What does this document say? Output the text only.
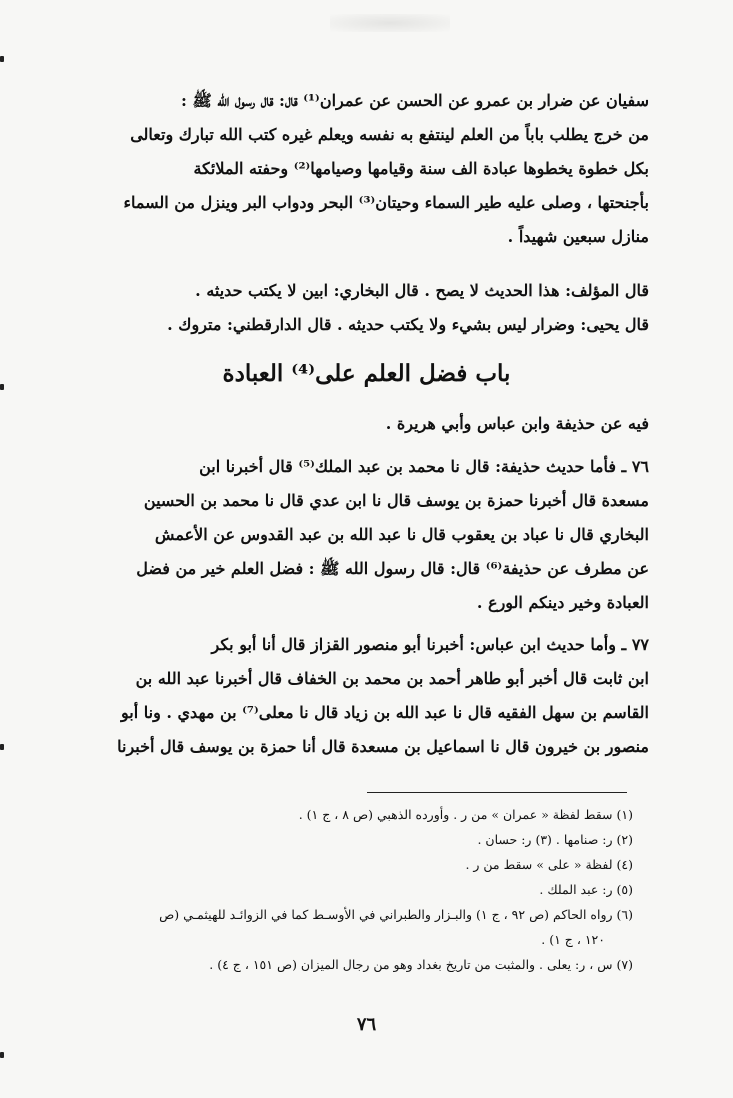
سفيان عن ضرار بن عمرو عن الحسن عن عمران⁽¹⁾ قال: قال رسول الله ﷺ :
من خرج يطلب باباً من العلم لينتفع به نفسه ويعلم غيره كتب الله تبارك وتعالى
بكل خطوة يخطوها عبادة الف سنة وقيامها وصيامها⁽²⁾ وحفته الملائكة
بأجنحتها ، وصلى عليه طير السماء وحيتان⁽³⁾ البحر ودواب البر وينزل من السماء
منازل سبعين شهيداً .
قال المؤلف: هذا الحديث لا يصح . قال البخاري: ابين لا يكتب حديثه .
قال يحيى: وضرار ليس بشيء ولا يكتب حديثه . قال الدارقطني: متروك .
باب فضل العلم على⁽⁴⁾ العبادة
فيه عن حذيفة وابن عباس وأبي هريرة .
٧٦ ـ فأما حديث حذيفة: قال نا محمد بن عبد الملك⁽⁵⁾ قال أخبرنا ابن
مسعدة قال أخبرنا حمزة بن يوسف قال نا ابن عدي قال نا محمد بن الحسين
البخاري قال نا عباد بن يعقوب قال نا عبد الله بن عبد القدوس عن الأعمش
عن مطرف عن حذيفة⁽⁶⁾ قال: قال رسول الله ﷺ : فضل العلم خير من فضل
العبادة وخير دينكم الورع .
٧٧ ـ وأما حديث ابن عباس: أخبرنا أبو منصور القزاز قال أنا أبو بكر
ابن ثابت قال أخبر أبو طاهر أحمد بن محمد بن الخفاف قال أخبرنا عبد الله بن
القاسم بن سهل الفقيه قال نا عبد الله بن زياد قال نا معلى⁽⁷⁾ بن مهدي . ونا أبو
منصور بن خيرون قال نا اسماعيل بن مسعدة قال أنا حمزة بن يوسف قال أخبرنا
(١) سقط لفظة « عمران » من ر . وأورده الذهبي (ص ٨ ، ج ١) .
(٢) ر: صنامها . (٣) ر: حسان .
(٤) لفظة « على » سقط من ر .
(٥) ر: عبد الملك .
(٦) رواه الحاكم (ص ٩٢ ، ج ١) والبـزار والطبراني في الأوسـط كما في الزوائـد للهيثمـي (ص
١٢٠ ، ج ١) .
(٧) س ، ر: يعلى . والمثبت من تاريخ بغداد وهو من رجال الميزان (ص ١٥١ ، ج ٤) .
٧٦
